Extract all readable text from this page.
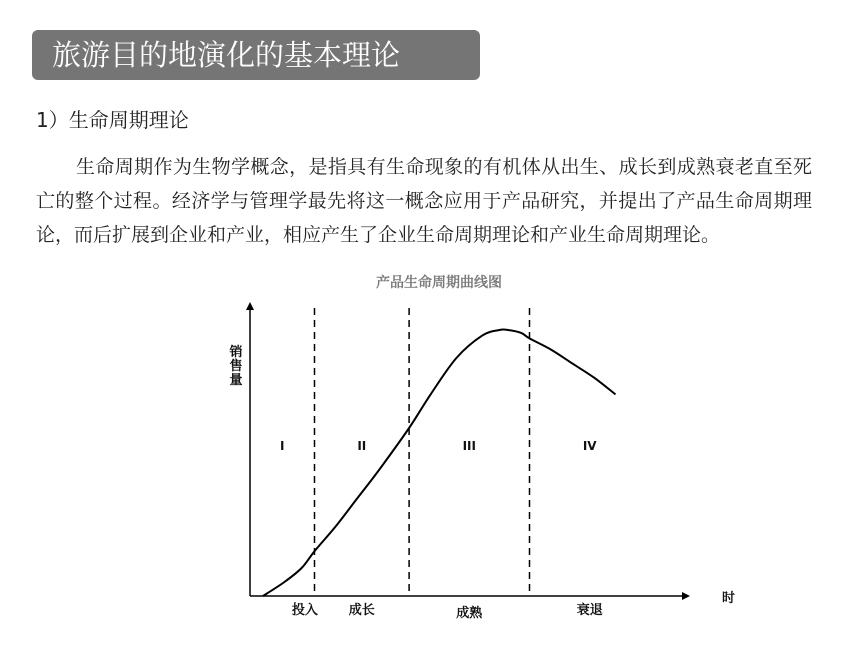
旅游目的地演化的基本理论
1）生命周期理论
生命周期作为生物学概念，是指具有生命现象的有机体从出生、成长到成熟衰老直至死亡的整个过程。经济学与管理学最先将这一概念应用于产品研究，并提出了产品生命周期理论，而后扩展到企业和产业，相应产生了企业生命周期理论和产业生命周期理论。
产品生命周期曲线图
I	II	III	IV
投入 成长	成熟	衰退
销售量
时
